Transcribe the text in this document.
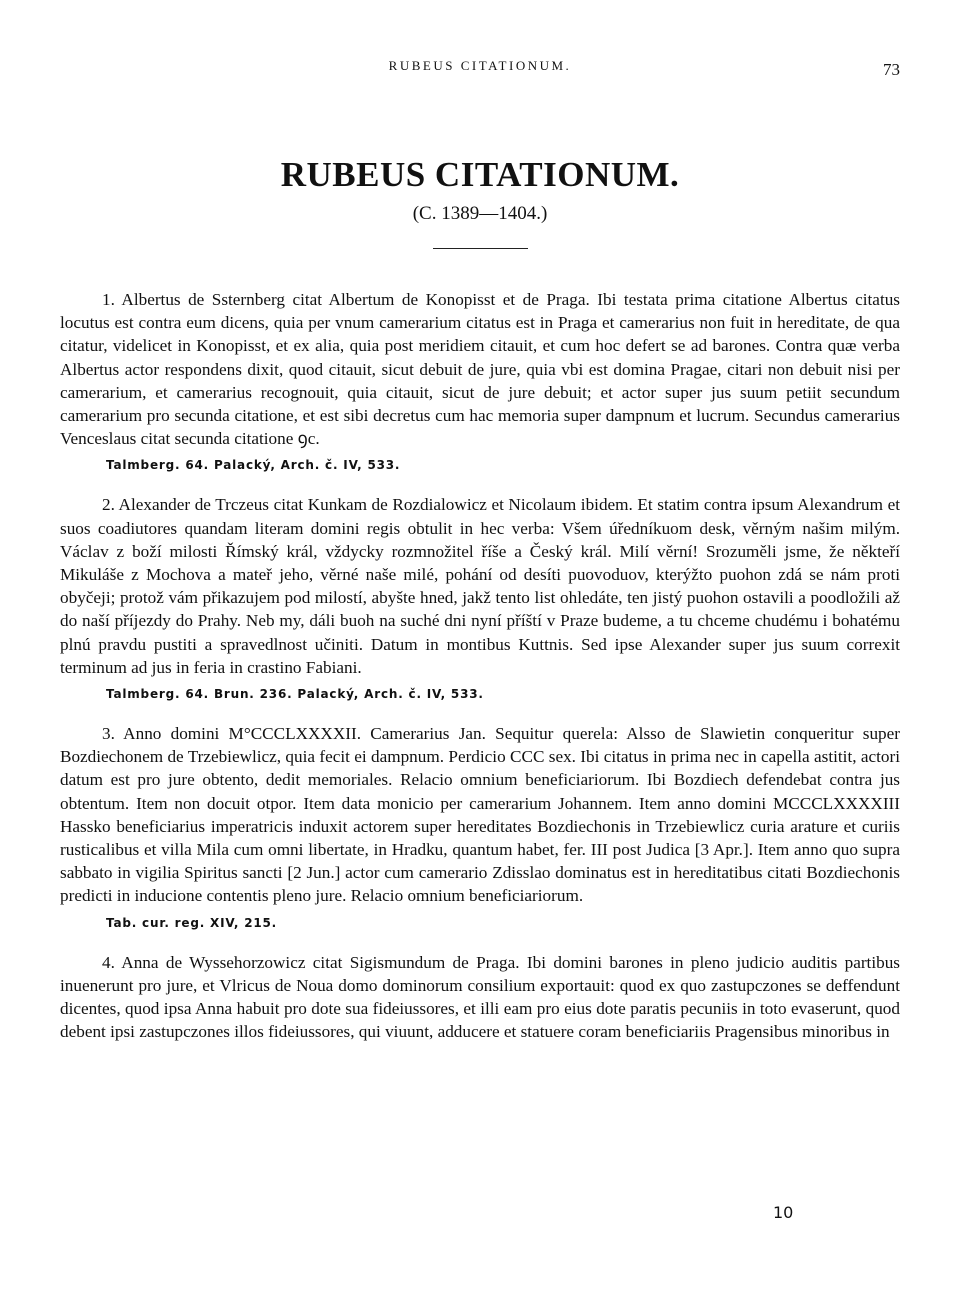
RUBEUS CITATIONUM.	73
RUBEUS CITATIONUM.
(C. 1389—1404.)

1. Albertus de Ssternberg citat Albertum de Konopisst et de Praga. Ibi testata prima citatione Albertus citatus locutus est contra eum dicens, quia per vnum camerarium citatus est in Praga et camerarius non fuit in hereditate, de qua citatur, videlicet in Konopisst, et ex alia, quia post meridiem citauit, et cum hoc defert se ad barones. Contra quæ verba Albertus actor respondens dixit, quod citauit, sicut debuit de jure, quia vbi est domina Pragae, citari non debuit nisi per camerarium, et camerarius recognouit, quia citauit, sicut de jure debuit; et actor super jus suum petiit secundum camerarium pro secunda citatione, et est sibi decretus cum hac memoria super dampnum et lucrum. Secundus camerarius Venceslaus citat secunda citatione ꝯc.

Talmberg. 64. Palacký, Arch. č. IV, 533.

2. Alexander de Trczeus citat Kunkam de Rozdialowicz et Nicolaum ibidem. Et statim contra ipsum Alexandrum et suos coadiutores quandam literam domini regis obtulit in hec verba: Všem úředníkuom desk, věrným našim milým. Václav z boží milosti Římský král, vždycky rozmnožitel říše a Český král. Milí věrní! Srozuměli jsme, že někteří Mikuláše z Mochova a mateř jeho, věrné naše milé, pohání od desíti puovoduov, kterýžto puohon zdá se nám proti obyčeji; protož vám přikazujem pod milostí, abyšte hned, jakž tento list ohledáte, ten jistý puohon ostavili a poodložili až do naší příjezdy do Prahy. Neb my, dáli buoh na suché dni nyní příští v Praze budeme, a tu chceme chudému i bohatému plnú pravdu pustiti a spravedlnost učiniti. Datum in montibus Kuttnis. Sed ipse Alexander super jus suum correxit terminum ad jus in feria in crastino Fabiani.

Talmberg. 64. Brun. 236. Palacký, Arch. č. IV, 533.

3. Anno domini M°CCCLXXXXII. Camerarius Jan. Sequitur querela: Alsso de Slawietin conqueritur super Bozdiechonem de Trzebiewlicz, quia fecit ei dampnum. Perdicio CCC sex. Ibi citatus in prima nec in capella astitit, actori datum est pro jure obtento, dedit memoriales. Relacio omnium beneficiariorum. Ibi Bozdiech defendebat contra jus obtentum. Item non docuit otpor. Item data monicio per camerarium Johannem. Item anno domini MCCCLXXXXIII Hassko beneficiarius imperatricis induxit actorem super hereditates Bozdiechonis in Trzebiewlicz curia arature et curiis rusticalibus et villa Mila cum omni libertate, in Hradku, quantum habet, fer. III post Judica [3 Apr.]. Item anno quo supra sabbato in vigilia Spiritus sancti [2 Jun.] actor cum camerario Zdisslao dominatus est in hereditatibus citati Bozdiechonis predicti in inducione contentis pleno jure. Relacio omnium beneficiariorum.

Tab. cur. reg. XIV, 215.

4. Anna de Wyssehorzowicz citat Sigismundum de Praga. Ibi domini barones in pleno judicio auditis partibus inuenerunt pro jure, et Vlricus de Noua domo dominorum consilium exportauit: quod ex quo zastupczones se deffendunt dicentes, quod ipsa Anna habuit pro dote sua fideiussores, et illi eam pro eius dote paratis pecuniis in toto evaserunt, quod debent ipsi zastupczones illos fideiussores, qui viuunt, adducere et statuere coram beneficiariis Pragensibus minoribus in

10
